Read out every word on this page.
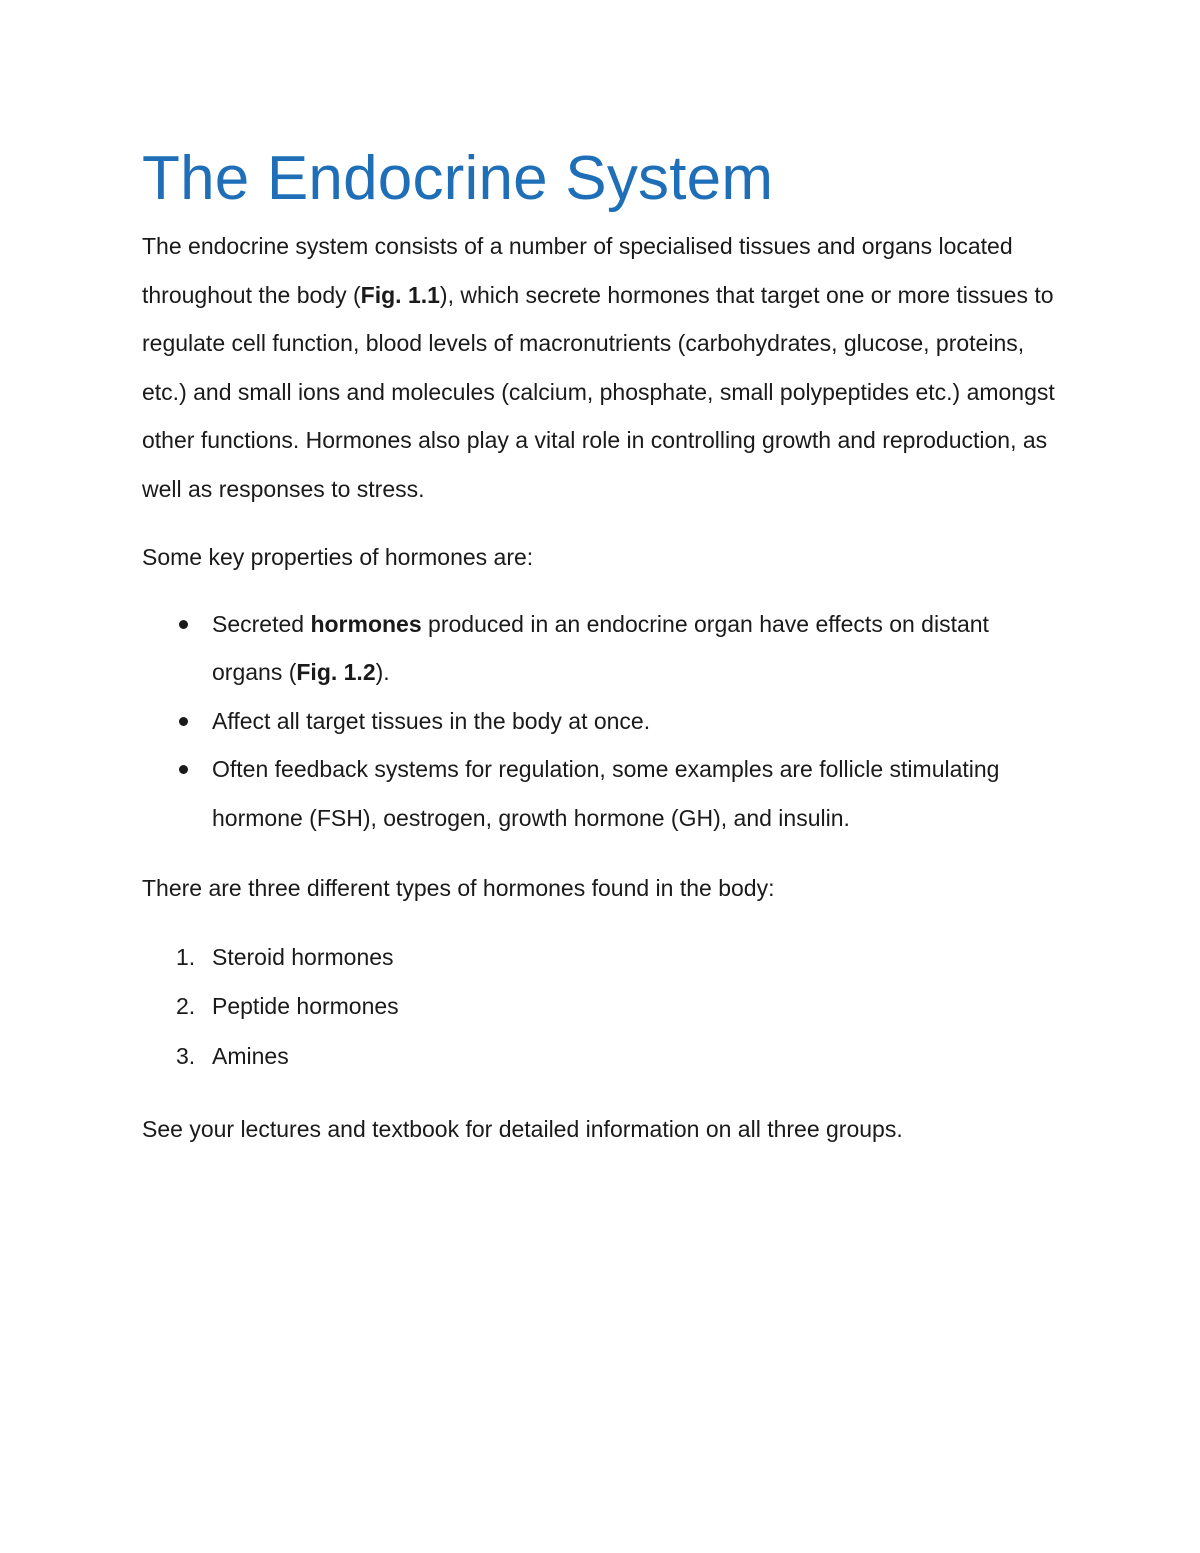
The Endocrine System

The endocrine system consists of a number of specialised tissues and organs located throughout the body (Fig. 1.1), which secrete hormones that target one or more tissues to regulate cell function, blood levels of macronutrients (carbohydrates, glucose, proteins, etc.) and small ions and molecules (calcium, phosphate, small polypeptides etc.) amongst other functions. Hormones also play a vital role in controlling growth and reproduction, as well as responses to stress.

Some key properties of hormones are:

Secreted hormones produced in an endocrine organ have effects on distant organs (Fig. 1.2).
Affect all target tissues in the body at once.
Often feedback systems for regulation, some examples are follicle stimulating hormone (FSH), oestrogen, growth hormone (GH), and insulin.

There are three different types of hormones found in the body:

1. Steroid hormones
2. Peptide hormones
3. Amines

See your lectures and textbook for detailed information on all three groups.
